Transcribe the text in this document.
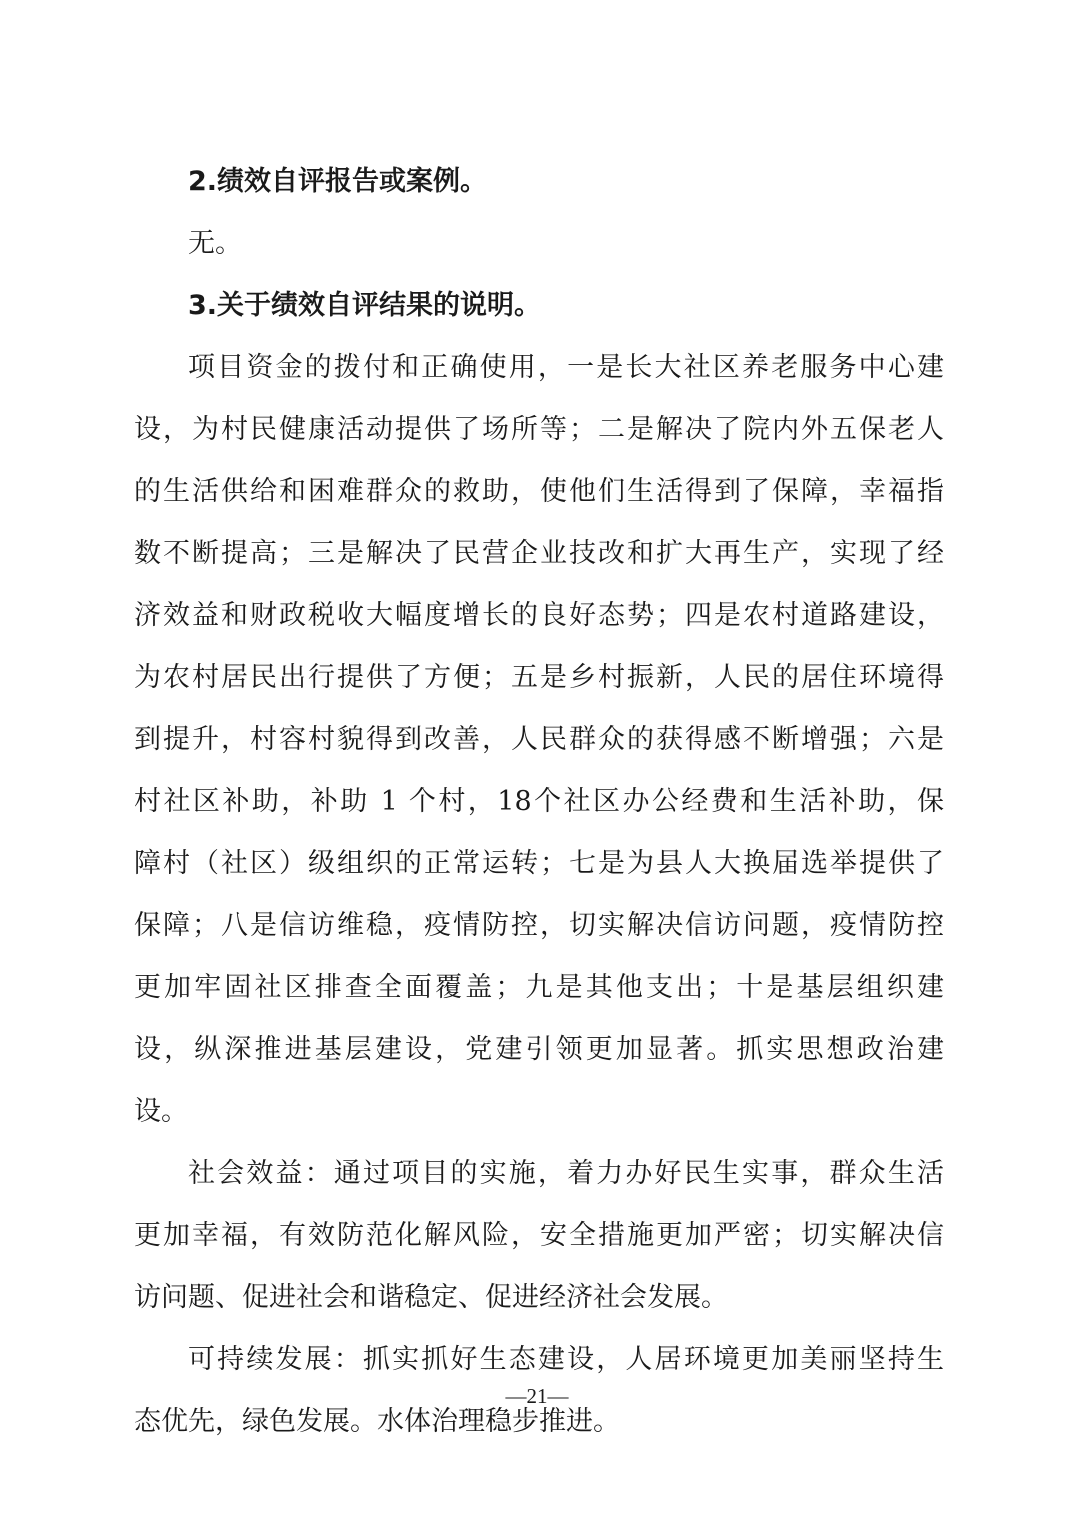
2.绩效自评报告或案例。

无。

3.关于绩效自评结果的说明。

项目资金的拨付和正确使用，一是长大社区养老服务中心建

设，为村民健康活动提供了场所等；二是解决了院内外五保老人

的生活供给和困难群众的救助，使他们生活得到了保障，幸福指

数不断提高；三是解决了民营企业技改和扩大再生产，实现了经

济效益和财政税收大幅度增长的良好态势；四是农村道路建设，

为农村居民出行提供了方便；五是乡村振新，人民的居住环境得

到提升，村容村貌得到改善，人民群众的获得感不断增强；六是

村社区补助，补助 1 个村，18个社区办公经费和生活补助，保

障村（社区）级组织的正常运转；七是为县人大换届选举提供了

保障；八是信访维稳，疫情防控，切实解决信访问题，疫情防控

更加牢固社区排查全面覆盖；九是其他支出；十是基层组织建

设，纵深推进基层建设，党建引领更加显著。抓实思想政治建

设。

社会效益：通过项目的实施，着力办好民生实事，群众生活

更加幸福，有效防范化解风险，安全措施更加严密；切实解决信

访问题、促进社会和谐稳定、促进经济社会发展。

可持续发展：抓实抓好生态建设，人居环境更加美丽坚持生

态优先，绿色发展。水体治理稳步推进。

—21—
